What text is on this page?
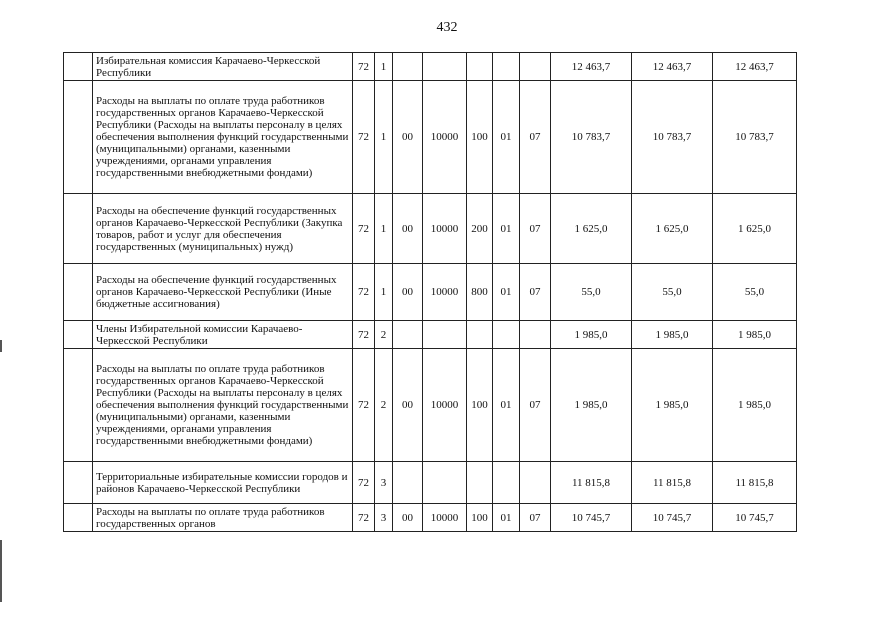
432
	Избирательная комиссия Карачаево-Черкесской Республики	72	1						12 463,7	12 463,7	12 463,7
	Расходы на выплаты по оплате труда работников государственных органов Карачаево-Черкесской Республики (Расходы на выплаты персоналу в целях обеспечения выполнения функций государственными (муниципальными) органами, казенными учреждениями, органами управления государственными внебюджетными фондами)	72	1	00	10000	100	01	07	10 783,7	10 783,7	10 783,7
	Расходы на обеспечение функций государственных органов Карачаево-Черкесской Республики (Закупка товаров, работ и услуг для обеспечения государственных (муниципальных) нужд)	72	1	00	10000	200	01	07	1 625,0	1 625,0	1 625,0
	Расходы на обеспечение функций государственных органов Карачаево-Черкесской Республики (Иные бюджетные ассигнования)	72	1	00	10000	800	01	07	55,0	55,0	55,0
	Члены Избирательной комиссии Карачаево-Черкесской Республики	72	2						1 985,0	1 985,0	1 985,0
	Расходы на выплаты по оплате труда работников государственных органов Карачаево-Черкесской Республики (Расходы на выплаты персоналу в целях обеспечения выполнения функций государственными (муниципальными) органами, казенными учреждениями, органами управления государственными внебюджетными фондами)	72	2	00	10000	100	01	07	1 985,0	1 985,0	1 985,0
	Территориальные избирательные комиссии городов и районов Карачаево-Черкесской Республики	72	3						11 815,8	11 815,8	11 815,8
	Расходы на выплаты по оплате труда работников государственных органов	72	3	00	10000	100	01	07	10 745,7	10 745,7	10 745,7
